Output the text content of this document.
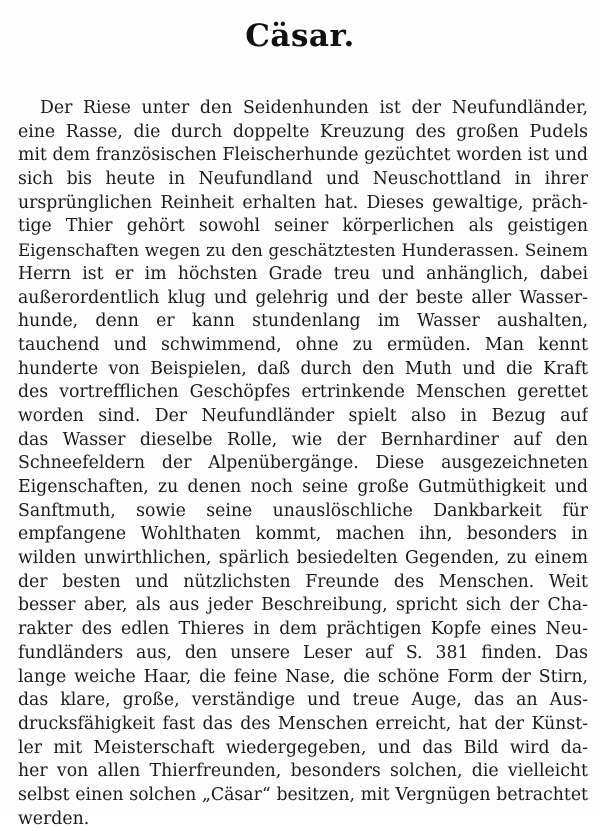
Cäsar.
Der Riese unter den Seidenhunden ist der Neufundländer,
eine Rasse, die durch doppelte Kreuzung des großen Pudels
mit dem französischen Fleischerhunde gezüchtet worden ist und
sich bis heute in Neufundland und Neuschottland in ihrer
ursprünglichen Reinheit erhalten hat. Dieses gewaltige, präch-
tige Thier gehört sowohl seiner körperlichen als geistigen
Eigenschaften wegen zu den geschätztesten Hunderassen. Seinem
Herrn ist er im höchsten Grade treu und anhänglich, dabei
außerordentlich klug und gelehrig und der beste aller Wasser-
hunde, denn er kann stundenlang im Wasser aushalten,
tauchend und schwimmend, ohne zu ermüden. Man kennt
hunderte von Beispielen, daß durch den Muth und die Kraft
des vortrefflichen Geschöpfes ertrinkende Menschen gerettet
worden sind. Der Neufundländer spielt also in Bezug auf
das Wasser dieselbe Rolle, wie der Bernhardiner auf den
Schneefeldern der Alpenübergänge. Diese ausgezeichneten
Eigenschaften, zu denen noch seine große Gutmüthigkeit und
Sanftmuth, sowie seine unauslöschliche Dankbarkeit für
empfangene Wohlthaten kommt, machen ihn, besonders in
wilden unwirthlichen, spärlich besiedelten Gegenden, zu einem
der besten und nützlichsten Freunde des Menschen. Weit
besser aber, als aus jeder Beschreibung, spricht sich der Cha-
rakter des edlen Thieres in dem prächtigen Kopfe eines Neu-
fundländers aus, den unsere Leser auf S. 381 finden. Das
lange weiche Haar, die feine Nase, die schöne Form der Stirn,
das klare, große, verständige und treue Auge, das an Aus-
drucksfähigkeit fast das des Menschen erreicht, hat der Künst-
ler mit Meisterschaft wiedergegeben, und das Bild wird da-
her von allen Thierfreunden, besonders solchen, die vielleicht
selbst einen solchen „Cäsar“ besitzen, mit Vergnügen betrachtet
werden.
